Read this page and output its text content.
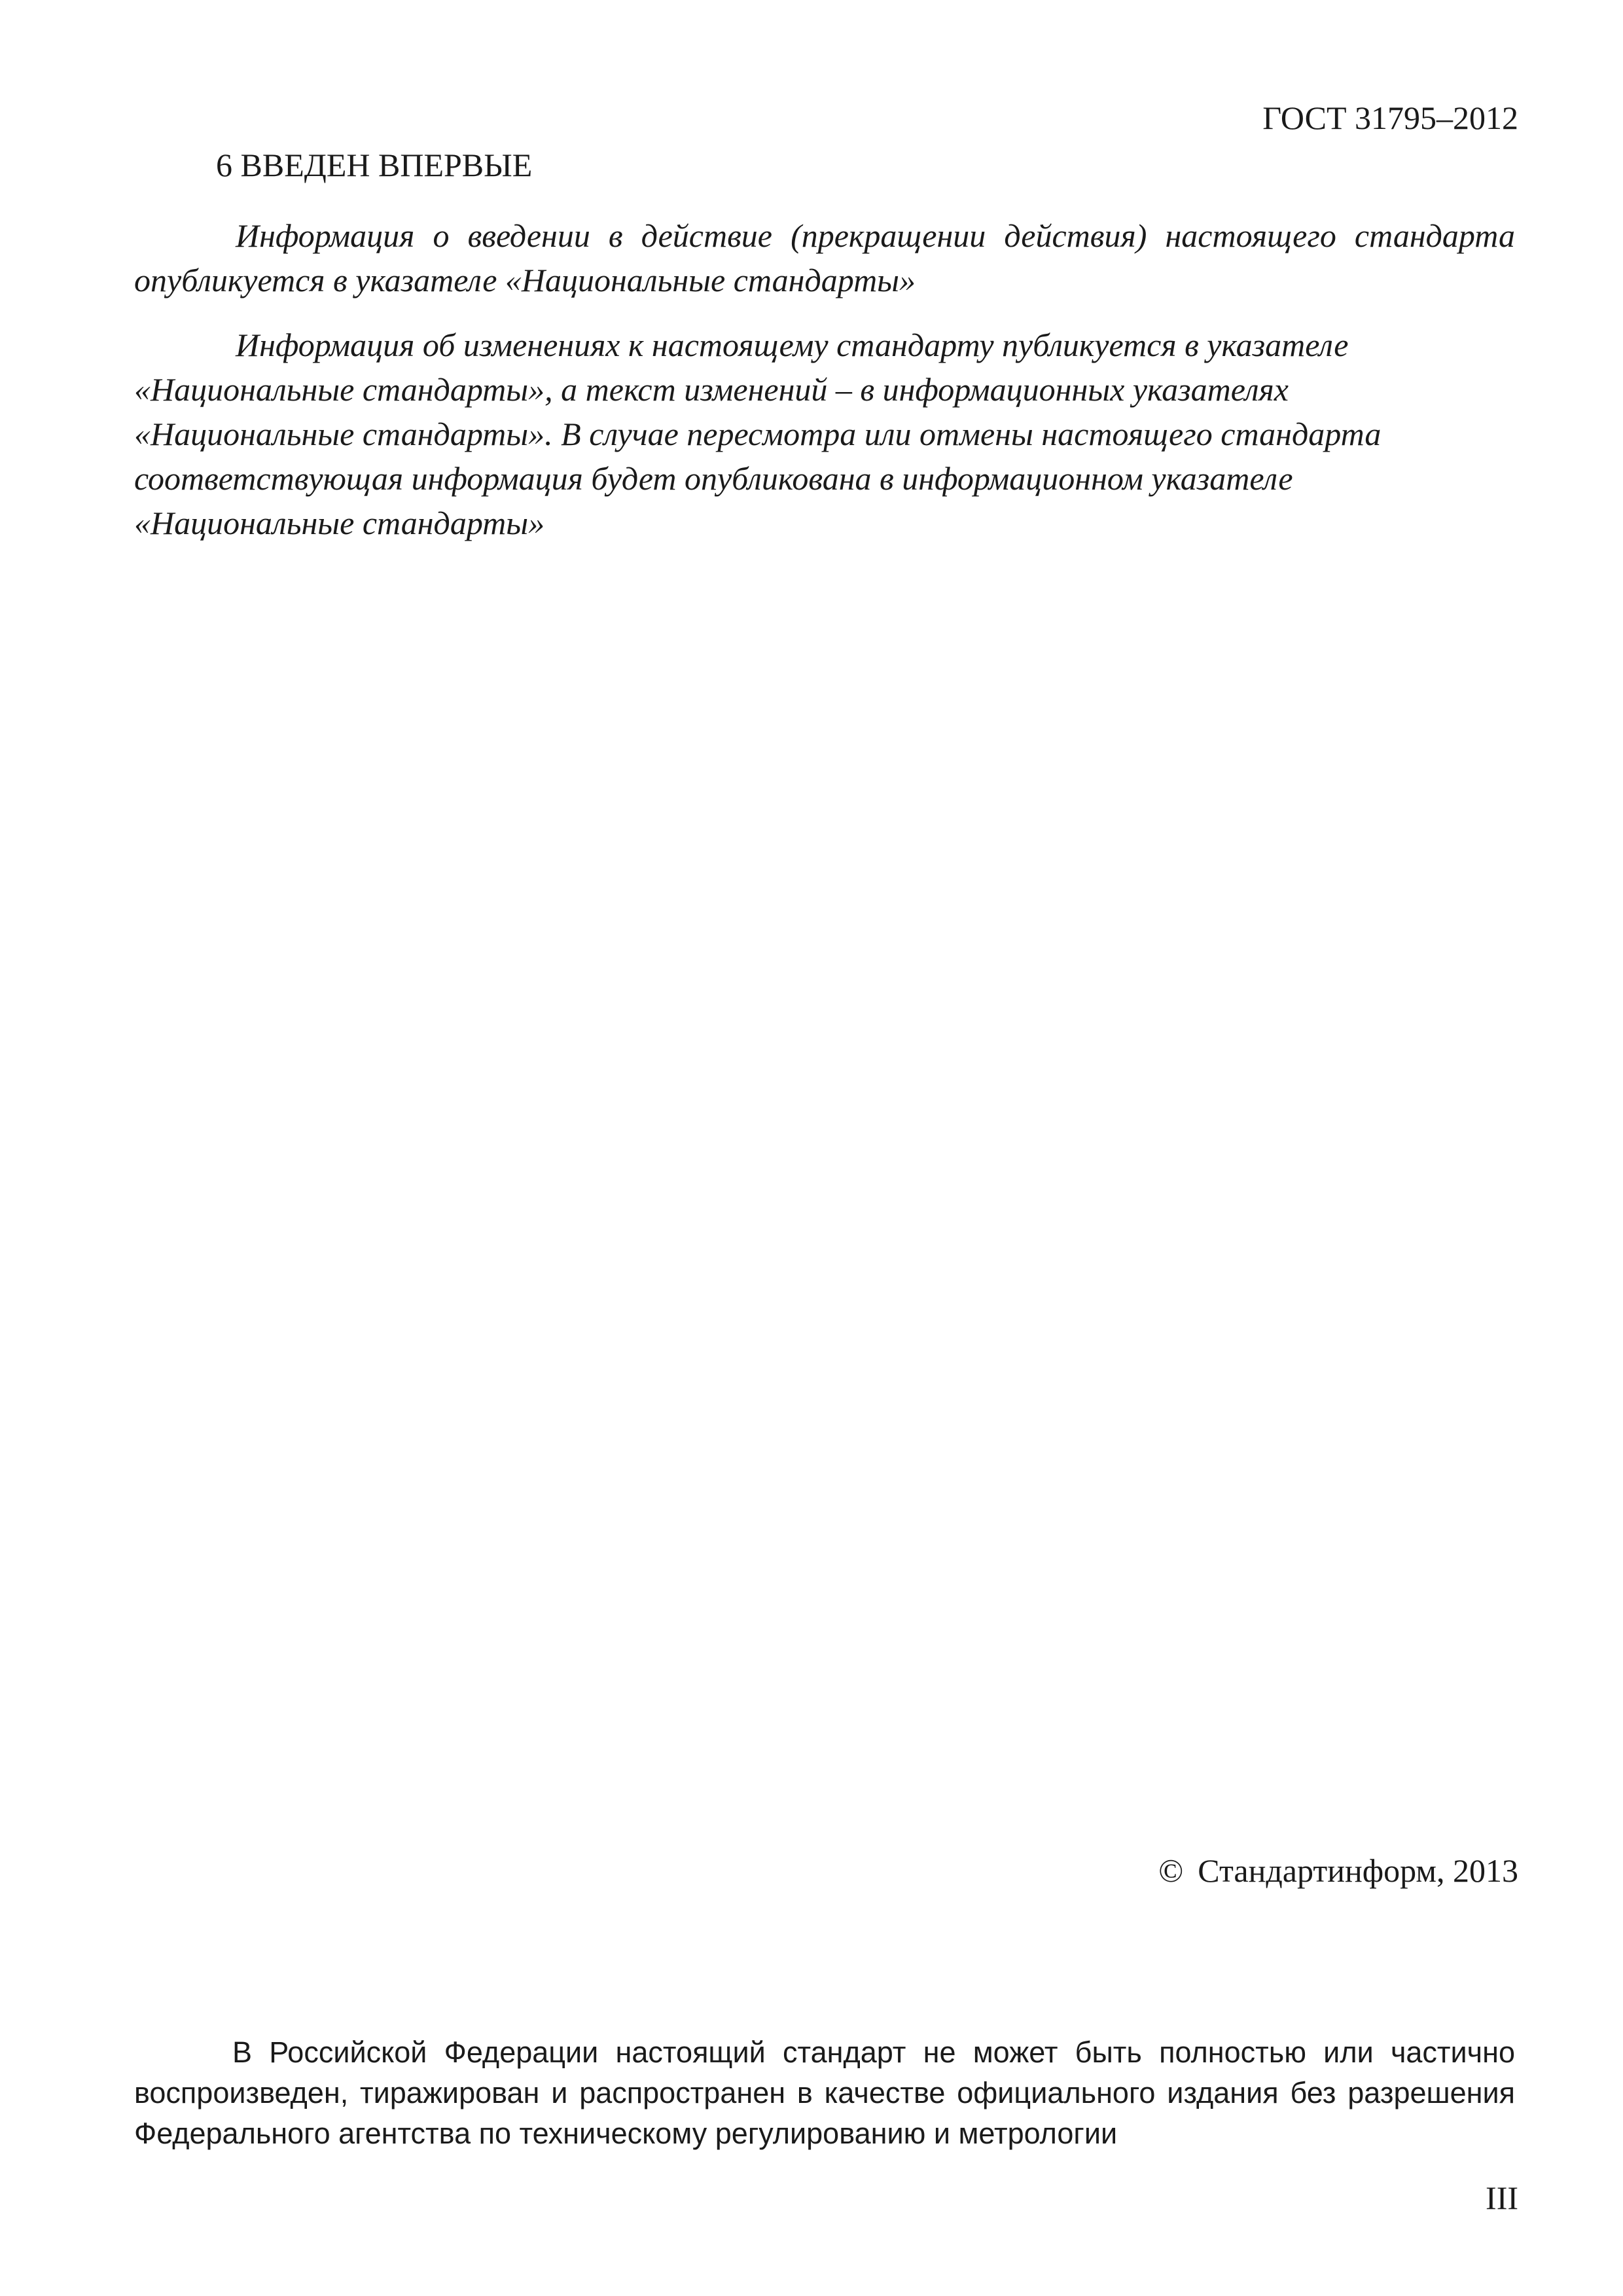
ГОСТ 31795–2012
6 ВВЕДЕН ВПЕРВЫЕ
Информация о введении в действие (прекращении действия) настоящего стандарта опубликуется в указателе «Национальные стандарты»
Информация об изменениях к настоящему стандарту публикуется в указателе «Национальные стандарты», а текст изменений – в информационных указателях «Национальные стандарты». В случае пересмотра или отмены настоящего стандарта соответствующая информация будет опубликована в информационном указателе «Национальные стандарты»
© Стандартинформ, 2013
В Российской Федерации настоящий стандарт не может быть полностью или частично воспроизведен, тиражирован и распространен в качестве официального издания без разрешения Федерального агентства по техническому регулированию и метрологии
III
